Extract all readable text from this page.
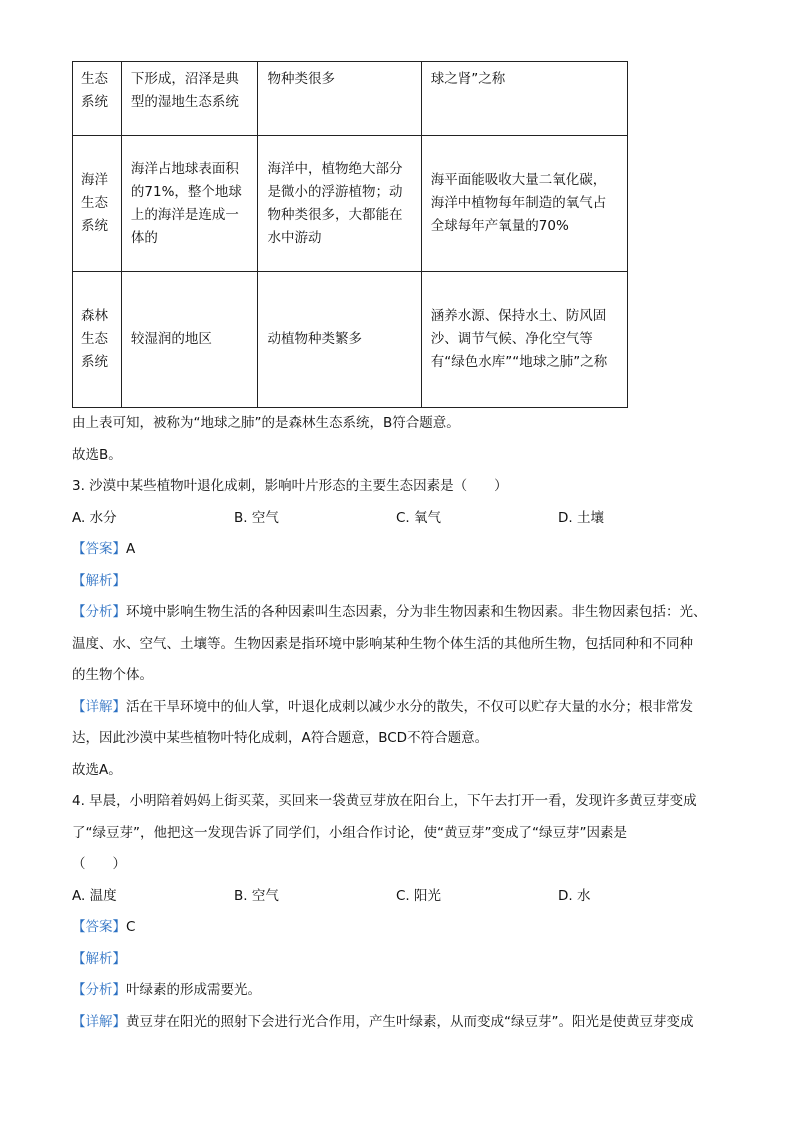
生态系统	下形成，沼泽是典型的湿地生态系统	物种类很多	球之肾”之称
海洋生态系统	海洋占地球表面积的71%，整个地球上的海洋是连成一体的	海洋中，植物绝大部分是微小的浮游植物；动物种类很多，大都能在水中游动	海平面能吸收大量二氧化碳，海洋中植物每年制造的氧气占全球每年产氧量的70%
森林生态系统	较湿润的地区	动植物种类繁多	涵养水源、保持水土、防风固沙、调节气候、净化空气等有“绿色水库”“地球之肺”之称
由上表可知，被称为“地球之肺”的是森林生态系统，B符合题意。
故选B。
3. 沙漠中某些植物叶退化成刺，影响叶片形态的主要生态因素是（　　）
A. 水分	B. 空气	C. 氧气	D. 土壤
【答案】A
【解析】
【分析】环境中影响生物生活的各种因素叫生态因素，分为非生物因素和生物因素。非生物因素包括：光、
温度、水、空气、土壤等。生物因素是指环境中影响某种生物个体生活的其他所生物，包括同种和不同种
的生物个体。
【详解】活在干旱环境中的仙人掌，叶退化成刺以减少水分的散失，不仅可以贮存大量的水分；根非常发
达，因此沙漠中某些植物叶特化成刺，A符合题意，BCD不符合题意。
故选A。
4. 早晨，小明陪着妈妈上街买菜，买回来一袋黄豆芽放在阳台上，下午去打开一看，发现许多黄豆芽变成
了“绿豆芽”，他把这一发现告诉了同学们，小组合作讨论，使“黄豆芽”变成了“绿豆芽”因素是
（　　）
A. 温度	B. 空气	C. 阳光	D. 水
【答案】C
【解析】
【分析】叶绿素的形成需要光。
【详解】黄豆芽在阳光的照射下会进行光合作用，产生叶绿素，从而变成“绿豆芽”。阳光是使黄豆芽变成
